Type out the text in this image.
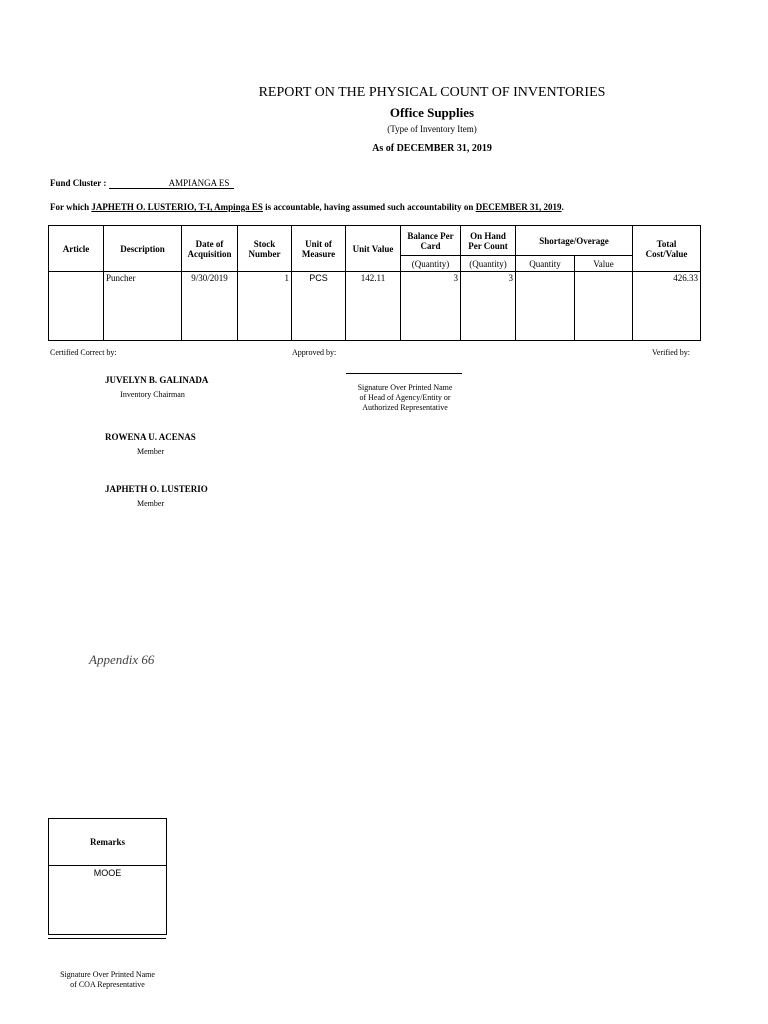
REPORT ON THE PHYSICAL COUNT OF INVENTORIES
Office Supplies
(Type of Inventory Item)
As of DECEMBER 31, 2019
Fund Cluster :	AMPIANGA ES
For which JAPHETH O. LUSTERIO, T-I, Ampinga ES is accountable, having assumed such accountability on DECEMBER 31, 2019.
Article	Description	Date of Acquisition	Stock Number	Unit of Measure	Unit Value	Balance Per Card	On Hand Per Count	Shortage/Overage		Total Cost/Value
						(Quantity)	(Quantity)	Quantity	Value	
	Puncher	9/30/2019	1	PCS	142.11	3	3			426.33
Certified Correct by:	Approved by:	Verified by:
Signature Over Printed Name
of Head of Agency/Entity or
Authorized Representative
JUVELYN B. GALINADA
Inventory Chairman
ROWENA U. ACENAS
Member
JAPHETH O. LUSTERIO
Member
Appendix 66
Remarks
MOOE
Signature Over Printed Name
of COA Representative
